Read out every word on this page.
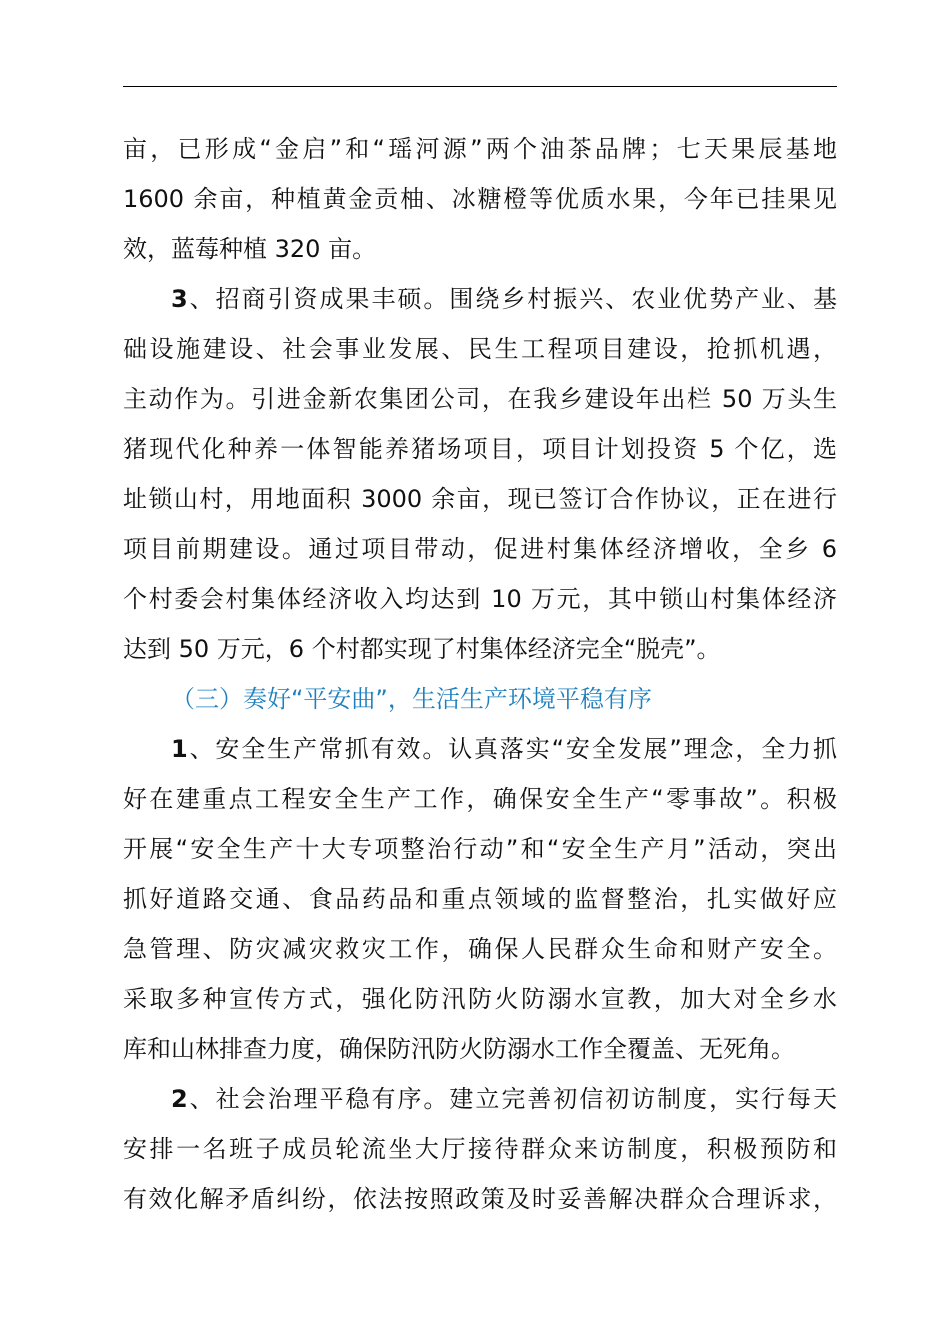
亩，已形成“金启”和“瑶河源”两个油茶品牌；七天果辰基地
1600 余亩，种植黄金贡柚、冰糖橙等优质水果，今年已挂果见
效，蓝莓种植 320 亩。
3、招商引资成果丰硕。围绕乡村振兴、农业优势产业、基
础设施建设、社会事业发展、民生工程项目建设，抢抓机遇，
主动作为。引进金新农集团公司，在我乡建设年出栏 50 万头生
猪现代化种养一体智能养猪场项目，项目计划投资 5 个亿，选
址锁山村，用地面积 3000 余亩，现已签订合作协议，正在进行
项目前期建设。通过项目带动，促进村集体经济增收，全乡 6
个村委会村集体经济收入均达到 10 万元，其中锁山村集体经济
达到 50 万元，6 个村都实现了村集体经济完全“脱壳”。
（三）奏好“平安曲”，生活生产环境平稳有序
1、安全生产常抓有效。认真落实“安全发展”理念，全力抓
好在建重点工程安全生产工作，确保安全生产“零事故”。积极
开展“安全生产十大专项整治行动”和“安全生产月”活动，突出
抓好道路交通、食品药品和重点领域的监督整治，扎实做好应
急管理、防灾减灾救灾工作，确保人民群众生命和财产安全。
采取多种宣传方式，强化防汛防火防溺水宣教，加大对全乡水
库和山林排查力度，确保防汛防火防溺水工作全覆盖、无死角。
2、社会治理平稳有序。建立完善初信初访制度，实行每天
安排一名班子成员轮流坐大厅接待群众来访制度，积极预防和
有效化解矛盾纠纷，依法按照政策及时妥善解决群众合理诉求，
